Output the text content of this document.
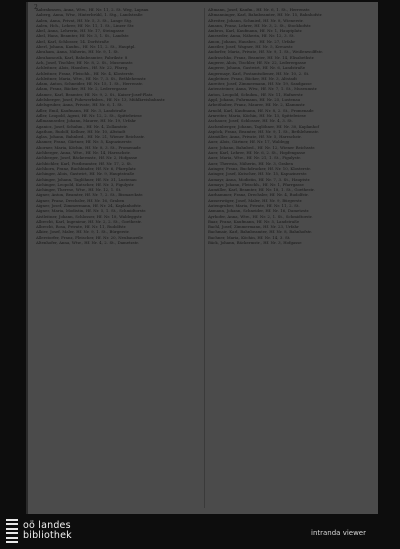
2
Aabrahmsen, Anna, Wtw., Hf. Nr. 11, 2. St. Weg, Lapsau
Aaberg, Anna, Wtw., Hinterbrühl, 1. Stg., Landstraße
Aalen, Anna, Privat, Hf. Nr. 5, 3. St., Lange Stg.
Aalen, Hch., Lehrer, Hf. Nr. 11, 1. St., Linzer Str.
Abel, Anna, Lehrerin, Hf. Nr. 17, Steingasse
Abel, Hans, Beamter, Hf. Nr. 3, 1. St., Landstr.
Abel, Karl, Schlosser, 14. Dorfstraße
Aberl, Johann, Kaufm., Hf. Nr. 11, 2. St., Hauptpl.
Abraham, Anna, Näherin, Hf. Nr. 9, 1. St.
Abrahamczik, Karl, Bahnbeamter, Fabrikstr. 8
Ach, Josef, Tischler, Hf. Nr. 8, 2. St., Museumstr.
Achleitner, Alois, Hausbes., Hf. Nr. 22, Pfarrg.
Achleitner, Franz, Fleischh., Hf. Nr. 4, Klosterstr.
Achleitner, Maria, Wtw., Hf. Nr. 7, 3. St., Bethlehemstr.
Adam, Anton, Schneider, Hf. Nr. 15, 1. St., Herrenstr.
Adam, Franz, Bäcker, Hf. Nr. 2, Lederergasse
Adamec, Karl, Beamter, Hf. Nr. 9, 2. St., Kaiser-Josef-Platz
Adelsberger, Josef, Fuhrwerksbes., Hf. Nr. 13, Mühlkreisbahnstr.
Adelsgruber, Anna, Private, Hf. Nr. 6, 1. St.
Adler, Emil, Kaufmann, Hf. Nr. 3, Landstraße
Adler, Leopold, Agent, Hf. Nr. 12, 2. St., Spittelwiese
Adlmannseder, Johann, Maurer, Hf. Nr. 19, Urfahr
Aganicz, Josef, Schuhm., Hf. Nr. 4, Zollamtstr.
Agathon, Rudolf, Kellner, Hf. Nr. 10, Altstadt
Aglas, Johann, Bahnbed., Hf. Nr. 21, Wiener Reichsstr.
Ahamer, Franz, Gärtner, Hf. Nr. 5, Kapuzinerstr.
Ahorner, Maria, Köchin, Hf. Nr. 8, 3. St., Promenade
Aichberger, Anna, Wtw., Hf. Nr. 14, Harrachstr.
Aichberger, Josef, Bäckermstr., Hf. Nr. 2, Hofgasse
Aichbichler, Karl, Postbeamter, Hf. Nr. 17, 2. St.
Aichhorn, Franz, Buchbinder, Hf. Nr. 6, Pfarrplatz
Aichinger, Alois, Gastwirt, Hf. Nr. 9, Hauptstraße
Aichinger, Johann, Taglöhner, Hf. Nr. 31, Lustenau
Aichinger, Leopold, Kutscher, Hf. Nr. 3, Figulystr.
Aichinger, Therese, Wtw., Hf. Nr. 12, 1. St.
Aigner, Anton, Beamter, Hf. Nr. 7, 2. St., Bismarckstr.
Aigner, Franz, Drechsler, Hf. Nr. 16, Graben
Aigner, Josef, Zimmermann, Hf. Nr. 24, Kaplanhofstr.
Aigner, Maria, Modistin, Hf. Nr. 5, 1. St., Schmidtorstr.
Aistleitner, Johann, Schlosser, Hf. Nr. 18, Waldeggstr.
Albrecht, Karl, Ingenieur, Hf. Nr. 2, 2. St., Goethestr.
Albrecht, Rosa, Private, Hf. Nr. 11, Rudolfstr.
Alkier, Josef, Maler, Hf. Nr. 9, 1. St., Bürgerstr.
Allerstorfer, Franz, Fleischer, Hf. Nr. 20, Neubauzeile
Altenhofer, Anna, Wtw., Hf. Nr. 4, 2. St., Dametzstr.
Altmann, Josef, Kaufm., Hf. Nr. 6, 1. St., Herrenstr.
Altmanninger, Karl, Bahnbeamter, Hf. Nr. 15, Bahnhofstr.
Altreiter, Johann, Schmied, Hf. Nr. 8, Wienerstr.
Amann, Franz, Lehrer, Hf. Nr. 3, 2. St., Stockhofstr.
Ambros, Karl, Kaufmann, Hf. Nr. 1, Hauptplatz
Ameseder, Anna, Näherin, Hf. Nr. 12, 3. St.
Amon, Johann, Hausbes., Hf. Nr. 27, Urfahr
Amstler, Josef, Wagner, Hf. Nr. 5, Kreuzstr.
Andorfer, Maria, Private, Hf. Nr. 9, 1. St., Weißenwolffstr.
Andraschko, Franz, Beamter, Hf. Nr. 14, Elisabethstr.
Angerer, Alois, Tischler, Hf. Nr. 22, Lederergasse
Angerer, Johann, Gastwirt, Hf. Nr. 6, Landstraße
Angermayr, Karl, Postamtsdiener, Hf. Nr. 10, 2. St.
Angleitner, Franz, Bäcker, Hf. Nr. 3, Altstadt
Anreiter, Josef, Zimmermann, Hf. Nr. 19, Sandgasse
Antensteiner, Anna, Wtw., Hf. Nr. 7, 1. St., Museumstr.
Anton, Leopold, Schuhm., Hf. Nr. 11, Hafnerstr.
Appl, Johann, Fuhrmann, Hf. Nr. 25, Lustenau
Arbeithuber, Franz, Maurer, Hf. Nr. 2, Klammstr.
Arnold, Karl, Kaufmann, Hf. Nr. 8, 2. St., Promenade
Arnreiter, Maria, Köchin, Hf. Nr. 13, Spittelwiese
Aschauer, Josef, Schlosser, Hf. Nr. 4, 3. St.
Aschenberger, Johann, Taglöhner, Hf. Nr. 30, Kaplanhof
Aspöck, Franz, Beamter, Hf. Nr. 9, 1. St., Bethlehemstr.
Atzmüller, Anna, Private, Hf. Nr. 5, Harrachstr.
Auer, Alois, Gärtner, Hf. Nr. 17, Waldegg
Auer, Johann, Bahnbed., Hf. Nr. 12, Wiener Reichsstr.
Auer, Karl, Lehrer, Hf. Nr. 6, 2. St., Hopfengasse
Auer, Maria, Wtw., Hf. Nr. 21, 1. St., Figulystr.
Auer, Theresia, Näherin, Hf. Nr. 3, Graben
Auinger, Franz, Buchdrucker, Hf. Nr. 10, Klosterstr.
Auinger, Josef, Kutscher, Hf. Nr. 15, Kapuzinerstr.
Aumayr, Anna, Modistin, Hf. Nr. 7, 3. St., Hauptstr.
Aumayr, Johann, Fleischh., Hf. Nr. 1, Pfarrgasse
Aumüller, Karl, Beamter, Hf. Nr. 18, 1. St., Goethestr.
Aurhammer, Franz, Drechsler, Hf. Nr. 4, Rudolfstr.
Ausserwöger, Josef, Maler, Hf. Nr. 9, Bürgerstr.
Autengruber, Maria, Private, Hf. Nr. 11, 2. St.
Axmann, Johann, Schneider, Hf. Nr. 16, Dametzstr.
Ayrhofer, Anna, Wtw., Hf. Nr. 2, 1. St., Schmidtorstr.
Baar, Franz, Kaufmann, Hf. Nr. 5, Landstraße
Bachl, Josef, Zimmermann, Hf. Nr. 23, Urfahr
Bachmair, Karl, Bahnbeamter, Hf. Nr. 8, Bahnhofstr.
Bachner, Maria, Köchin, Hf. Nr. 14, 3. St.
Bäck, Johann, Bäckermstr., Hf. Nr. 3, Hofgasse
oö landes
bibliothek	intranda viewer
